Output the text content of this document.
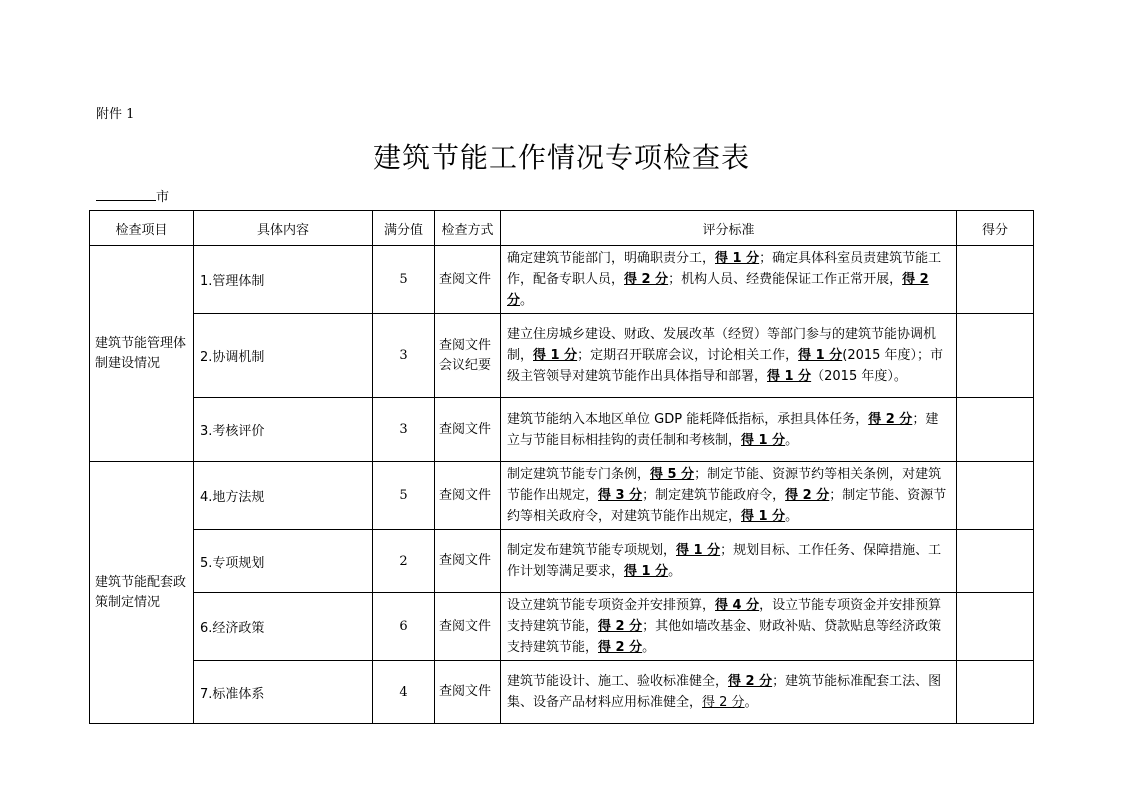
附件 1
建筑节能工作情况专项检查表
市
检查项目	具体内容	满分值	检查方式	评分标准	得分
建筑节能管理体制建设情况	1.管理体制	5	查阅文件	确定建筑节能部门，明确职责分工，得 1 分；确定具体科室员责建筑节能工作，配备专职人员，得 2 分；机构人员、经费能保证工作正常开展，得 2 分。	
	2.协调机制	3	查阅文件会议纪要	建立住房城乡建设、财政、发展改革（经贸）等部门参与的建筑节能协调机制，得 1 分；定期召开联席会议，讨论相关工作，得 1 分(2015 年度）；市级主管领导对建筑节能作出具体指导和部署，得 1 分（2015 年度）。	
	3.考核评价	3	查阅文件	建筑节能纳入本地区单位 GDP 能耗降低指标，承担具体任务，得 2 分；建立与节能目标相挂钩的责任制和考核制，得 1 分。	
建筑节能配套政策制定情况	4.地方法规	5	查阅文件	制定建筑节能专门条例，得 5 分；制定节能、资源节约等相关条例，对建筑节能作出规定，得 3 分；制定建筑节能政府令，得 2 分；制定节能、资源节约等相关政府令，对建筑节能作出规定，得 1 分。	
	5.专项规划	2	查阅文件	制定发布建筑节能专项规划，得 1 分；规划目标、工作任务、保障措施、工作计划等满足要求，得 1 分。	
	6.经济政策	6	查阅文件	设立建筑节能专项资金并安排预算，得 4 分，设立节能专项资金并安排预算支持建筑节能，得 2 分；其他如墙改基金、财政补贴、贷款贴息等经济政策支持建筑节能，得 2 分。	
	7.标准体系	4	查阅文件	建筑节能设计、施工、验收标准健全，得 2 分；建筑节能标准配套工法、图集、设备产品材料应用标准健全，得 2 分。	
